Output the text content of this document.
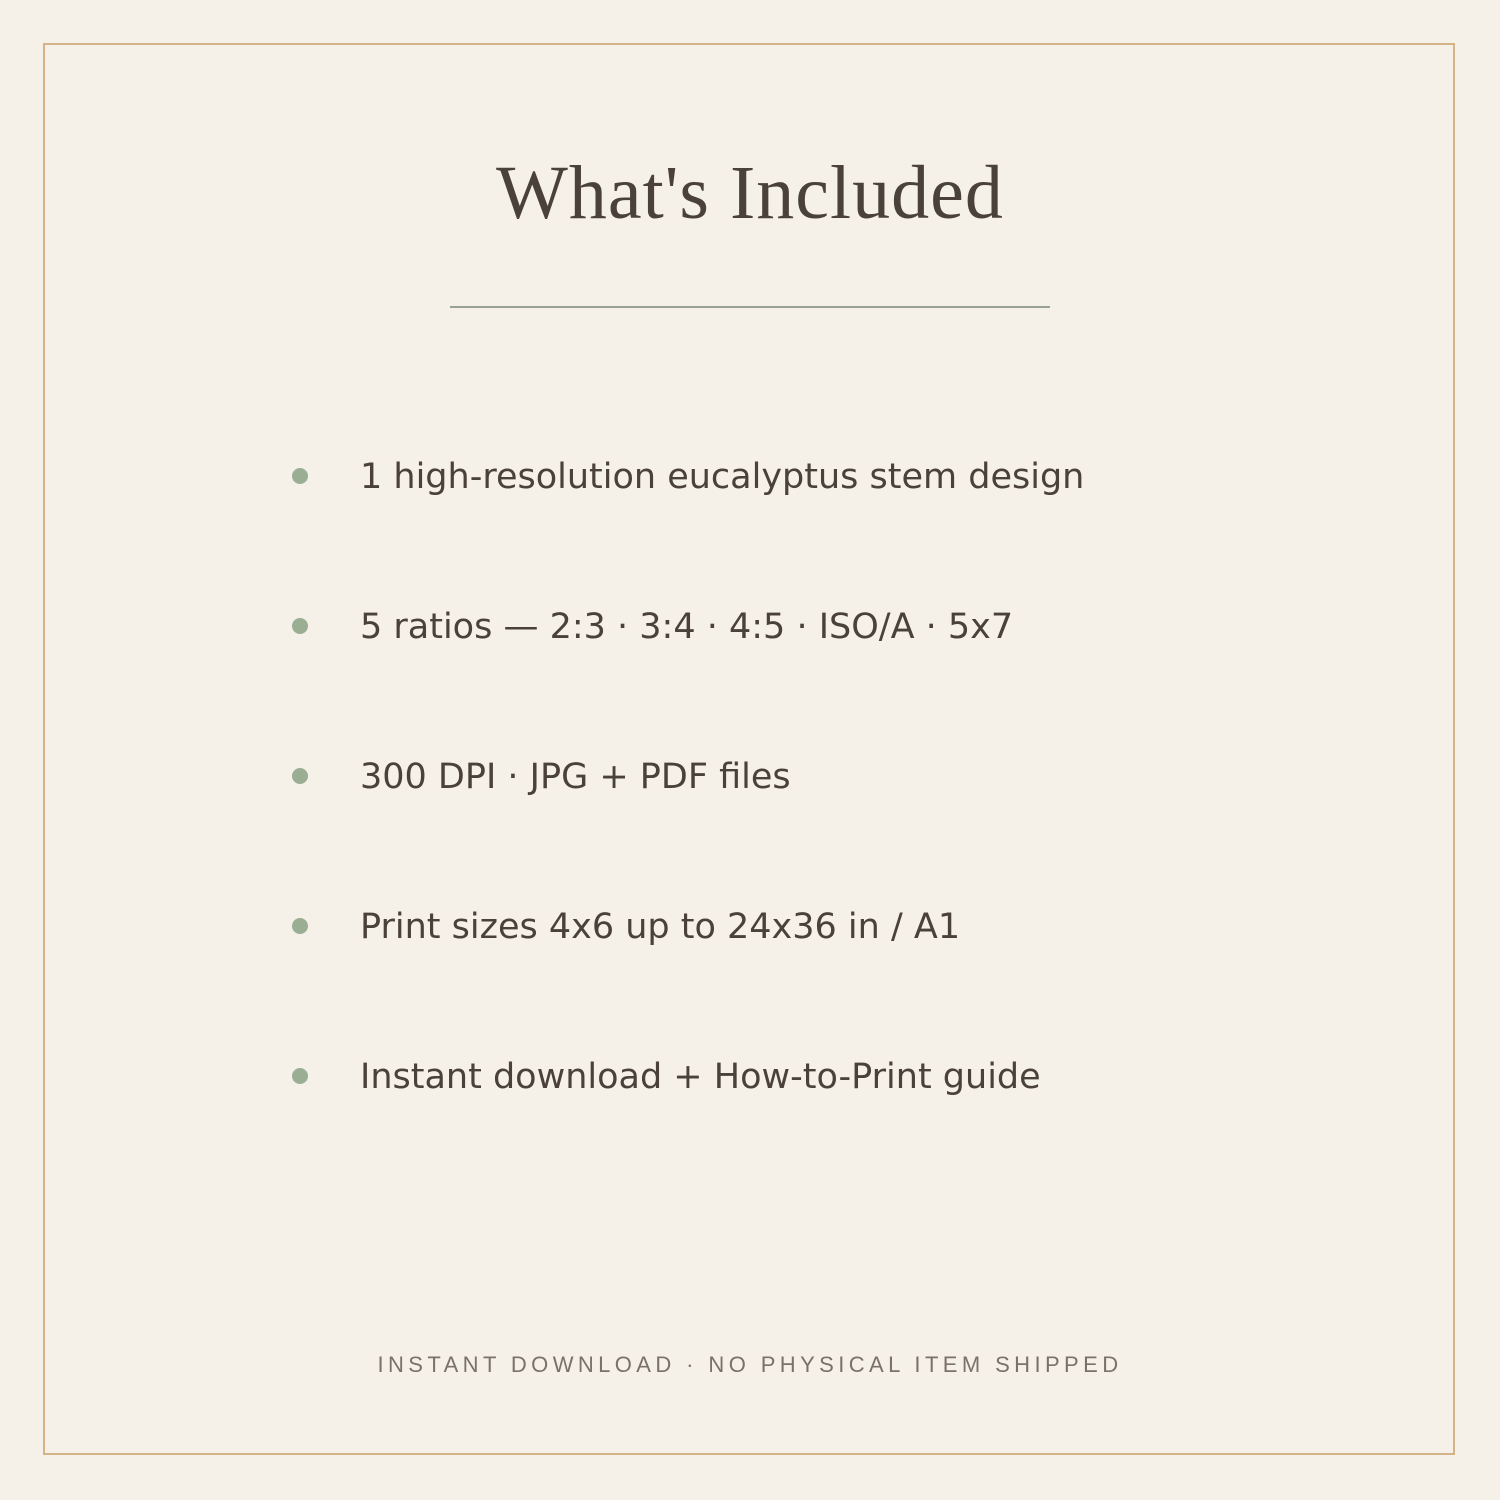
What's Included
1 high-resolution eucalyptus stem design
5 ratios — 2:3 · 3:4 · 4:5 · ISO/A · 5x7
300 DPI · JPG + PDF files
Print sizes 4x6 up to 24x36 in / A1
Instant download + How-to-Print guide
INSTANT DOWNLOAD · NO PHYSICAL ITEM SHIPPED
